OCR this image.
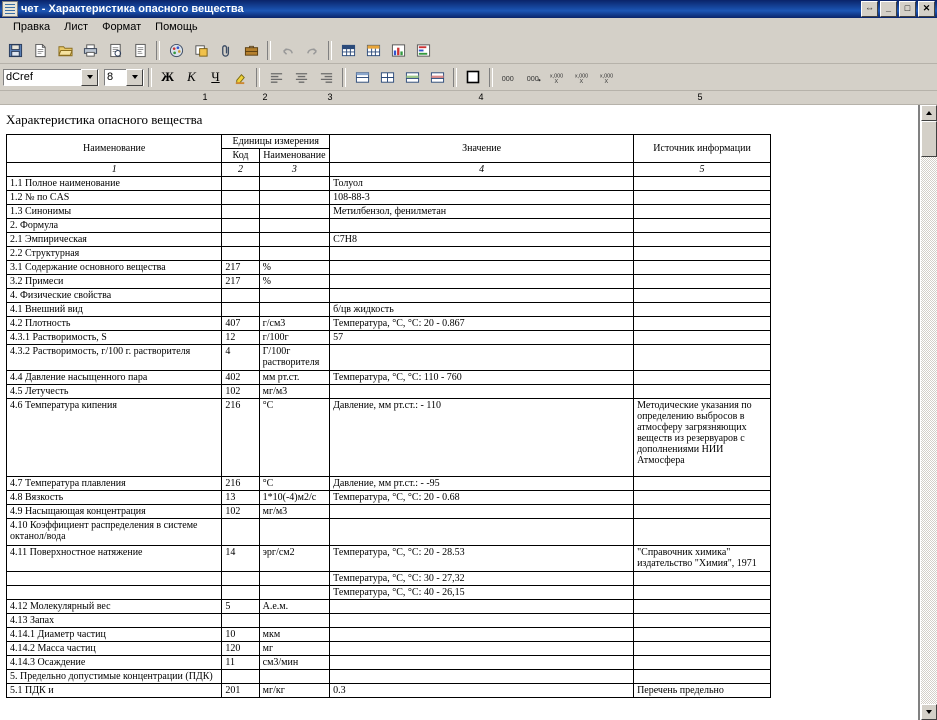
чет - Характеристика опасного вещества	⇔	_	□	✕
Правка	Лист	Формат	Помощь
dCref	8	Ж	К	Ч	000 000 x,000
X
x,000
X
x,000
X
1	2	3	4	5
Характеристика опасного вещества
Наименование	Единицы измерения		Значение	Источник информации
	Код	Наименование		
1	2	3	4	5
1.1 Полное наименование			Толуол	
1.2 № по CAS			108-88-3	
1.3 Синонимы			Метилбензол, фенилметан	
2. Формула				
2.1 Эмпирическая			C7H8	
2.2 Структурная				
3.1 Содержание основного вещества	217	%		
3.2 Примеси	217	%		
4. Физические свойства				
4.1 Внешний вид			б/цв жидкость	
4.2 Плотность	407	г/см3	Температура, °С, °С: 20 - 0.867	
4.3.1 Растворимость, S	12	г/100г	57	
4.3.2 Растворимость, г/100 г. растворителя	4	Г/100г растворителя		
4.4 Давление насыщенного пара	402	мм рт.ст.	Температура, °С, °С: 110 - 760	
4.5 Летучесть	102	мг/м3		
4.6 Температура кипения	216	°С	Давление, мм рт.ст.: - 110	Методические указания по определению выбросов в атмосферу загрязняющих веществ из резервуаров с дополнениями НИИ Атмосфера
4.7 Температура плавления	216	°С	Давление, мм рт.ст.: - -95	
4.8 Вязкость	13	1*10(-4)м2/с	Температура, °С, °С: 20 - 0.68	
4.9 Насыщающая концентрация	102	мг/м3		
4.10 Коэффициент распределения в системе октанол/вода				
4.11 Поверхностное натяжение	14	эрг/см2	Температура, °С, °С: 20 - 28.53	"Справочник химика" издательство "Химия", 1971
			Температура, °С, °С: 30 - 27,32	
			Температура, °С, °С: 40 - 26,15	
4.12 Молекулярный вес	5	А.е.м.		
4.13 Запах				
4.14.1 Диаметр частиц	10	мкм		
4.14.2 Масса частиц	120	мг		
4.14.3 Осаждение	11	см3/мин		
5. Предельно допустимые концентрации (ПДК)				
5.1 ПДК и	201	мг/кг	0.3	Перечень предельно
